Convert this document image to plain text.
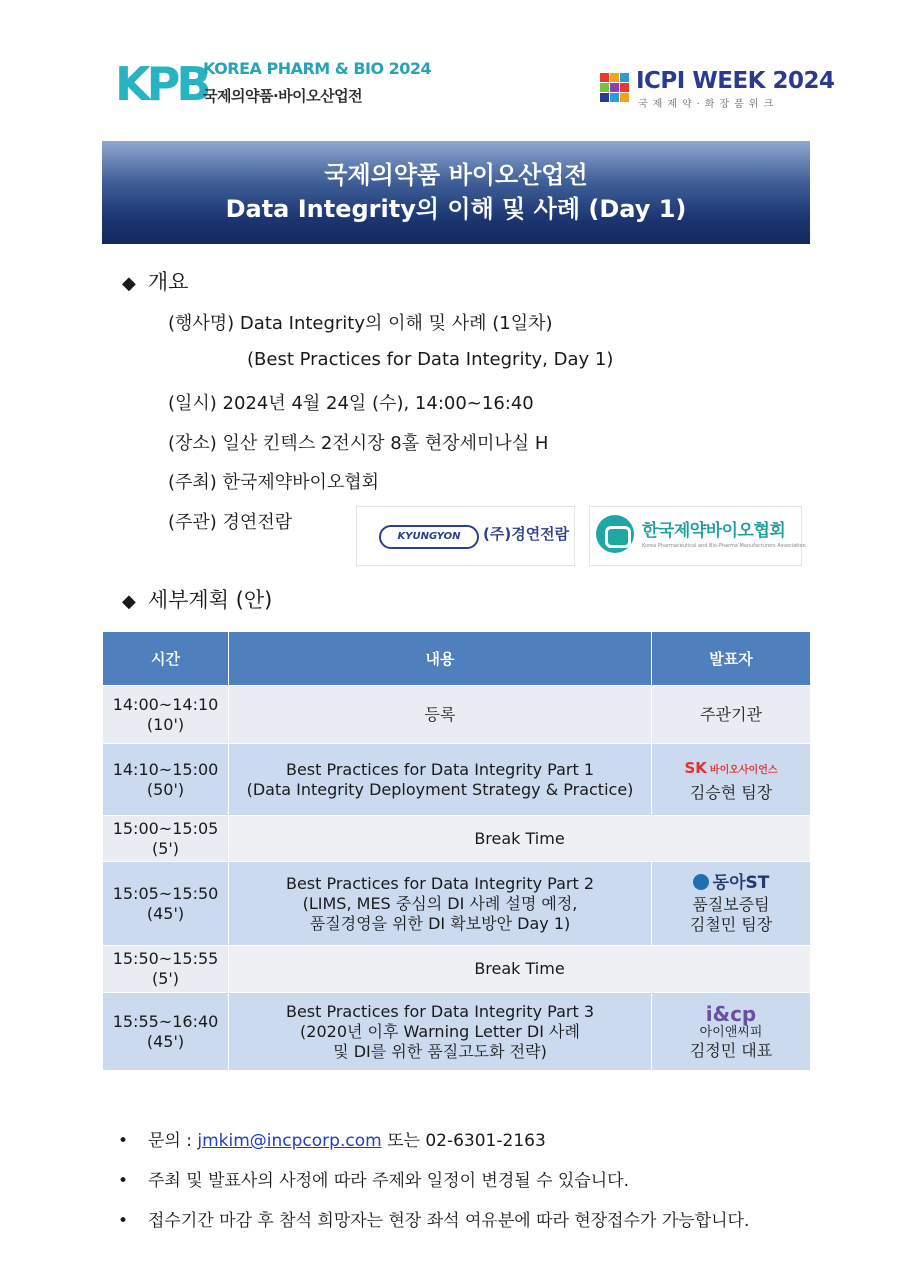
KPB
KOREA PHARM & BIO 2024
국제의약품·바이오산업전
ICPI WEEK 2024
국제제약·화장품위크
국제의약품 바이오산업전
Data Integrity의 이해 및 사례 (Day 1)
◆ 개요
(행사명) Data Integrity의 이해 및 사례 (1일차)
(Best Practices for Data Integrity, Day 1)
(일시) 2024년 4월 24일 (수), 14:00~16:40
(장소) 일산 킨텍스 2전시장 8홀 현장세미나실 H
(주최) 한국제약바이오협회
(주관) 경연전람
KYUNGYON	(주)경연전람	한국제약바이오협회
Korea Pharmaceutical and Bio-Pharma Manufacturers Association
◆ 세부계획 (안)
시간	내용	발표자
14:00~14:10
(10')	등록	주관기관
14:10~15:00
(50')	Best Practices for Data Integrity Part 1
(Data Integrity Deployment Strategy & Practice)	SK 바이오사이언스
김승현 팀장
15:00~15:05
(5')	Break Time	
15:05~15:50
(45')	Best Practices for Data Integrity Part 2
(LIMS, MES 중심의 DI 사례 설명 예정,
품질경영을 위한 DI 확보방안 Day 1)	동아ST
품질보증팀
김철민 팀장
15:50~15:55
(5')	Break Time	
15:55~16:40
(45')	Best Practices for Data Integrity Part 3
(2020년 이후 Warning Letter DI 사례
및 DI를 위한 품질고도화 전략)	i&cp
아이앤씨피
김정민 대표
• 문의 : jmkim@incpcorp.com 또는 02-6301-2163
• 주최 및 발표사의 사정에 따라 주제와 일정이 변경될 수 있습니다.
• 접수기간 마감 후 참석 희망자는 현장 좌석 여유분에 따라 현장접수가 가능합니다.
